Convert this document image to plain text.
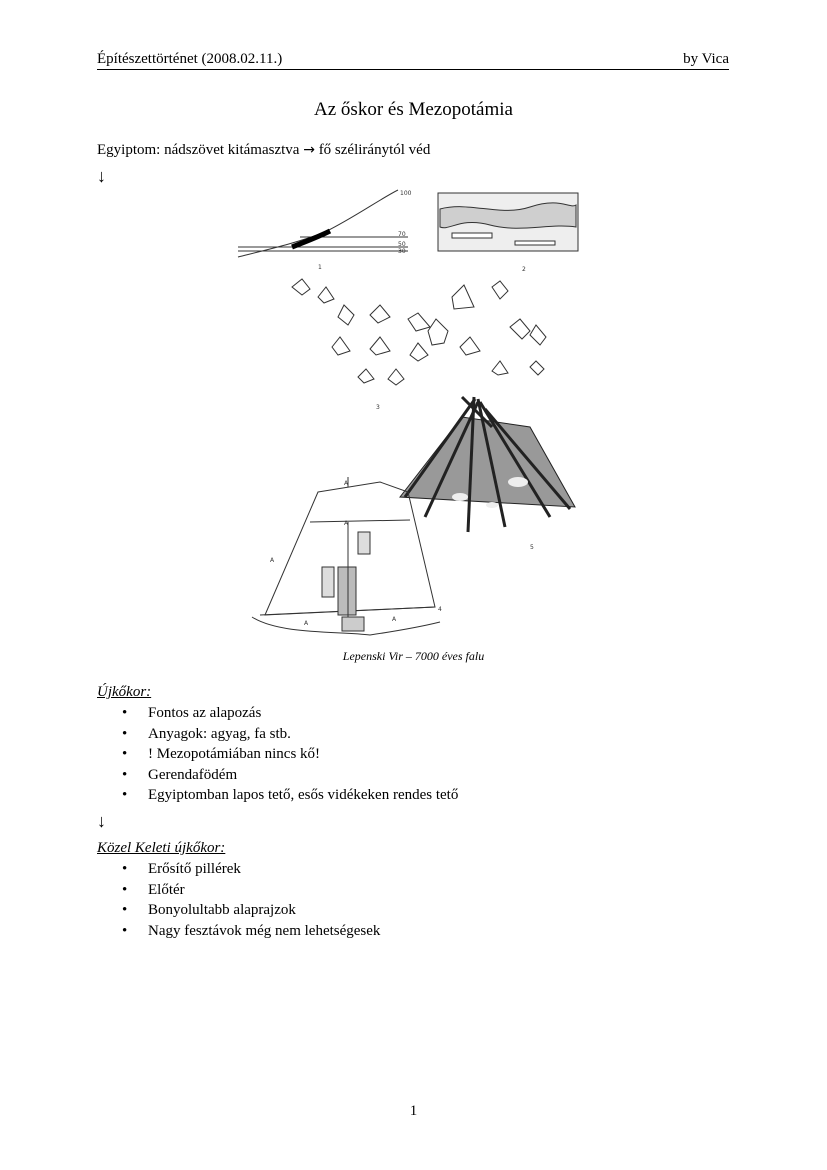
Építészettörténet (2008.02.11.)	by Vica
Az őskor és Mezopotámia
Egyiptom: nádszövet kitámasztva → fő széliránytól véd
↓
100
70
50
30
1	2
3
5
4
A
A
A
A
A
Lepenski Vir – 7000 éves falu
Újkőkor:
• Fontos az alapozás
• Anyagok: agyag, fa stb.
• ! Mezopotámiában nincs kő!
• Gerendafödém
• Egyiptomban lapos tető, esős vidékeken rendes tető
↓
Közel Keleti újkőkor:
• Erősítő pillérek
• Előtér
• Bonyolultabb alaprajzok
• Nagy fesztávok még nem lehetségesek
1
